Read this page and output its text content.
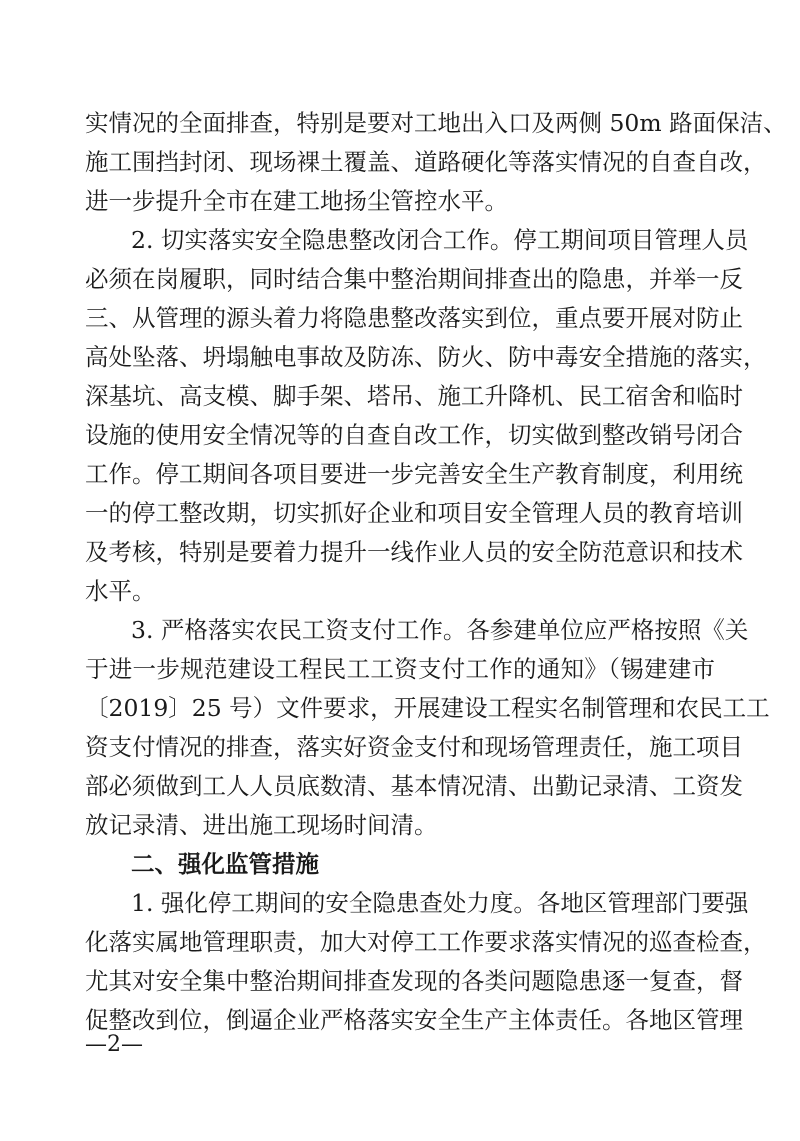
实情况的全面排查，特别是要对工地出入口及两侧 50m 路面保洁、
施工围挡封闭、现场裸土覆盖、道路硬化等落实情况的自查自改，
进一步提升全市在建工地扬尘管控水平。
2. 切实落实安全隐患整改闭合工作。停工期间项目管理人员
必须在岗履职，同时结合集中整治期间排查出的隐患，并举一反
三、从管理的源头着力将隐患整改落实到位，重点要开展对防止
高处坠落、坍塌触电事故及防冻、防火、防中毒安全措施的落实，
深基坑、高支模、脚手架、塔吊、施工升降机、民工宿舍和临时
设施的使用安全情况等的自查自改工作，切实做到整改销号闭合
工作。停工期间各项目要进一步完善安全生产教育制度，利用统
一的停工整改期，切实抓好企业和项目安全管理人员的教育培训
及考核，特别是要着力提升一线作业人员的安全防范意识和技术
水平。
3. 严格落实农民工资支付工作。各参建单位应严格按照《关
于进一步规范建设工程民工工资支付工作的通知》（锡建建市
〔2019〕25 号）文件要求，开展建设工程实名制管理和农民工工
资支付情况的排查，落实好资金支付和现场管理责任，施工项目
部必须做到工人人员底数清、基本情况清、出勤记录清、工资发
放记录清、进出施工现场时间清。
二、强化监管措施
1. 强化停工期间的安全隐患查处力度。各地区管理部门要强
化落实属地管理职责，加大对停工工作要求落实情况的巡查检查，
尤其对安全集中整治期间排查发现的各类问题隐患逐一复查，督
促整改到位，倒逼企业严格落实安全生产主体责任。各地区管理
—2—
